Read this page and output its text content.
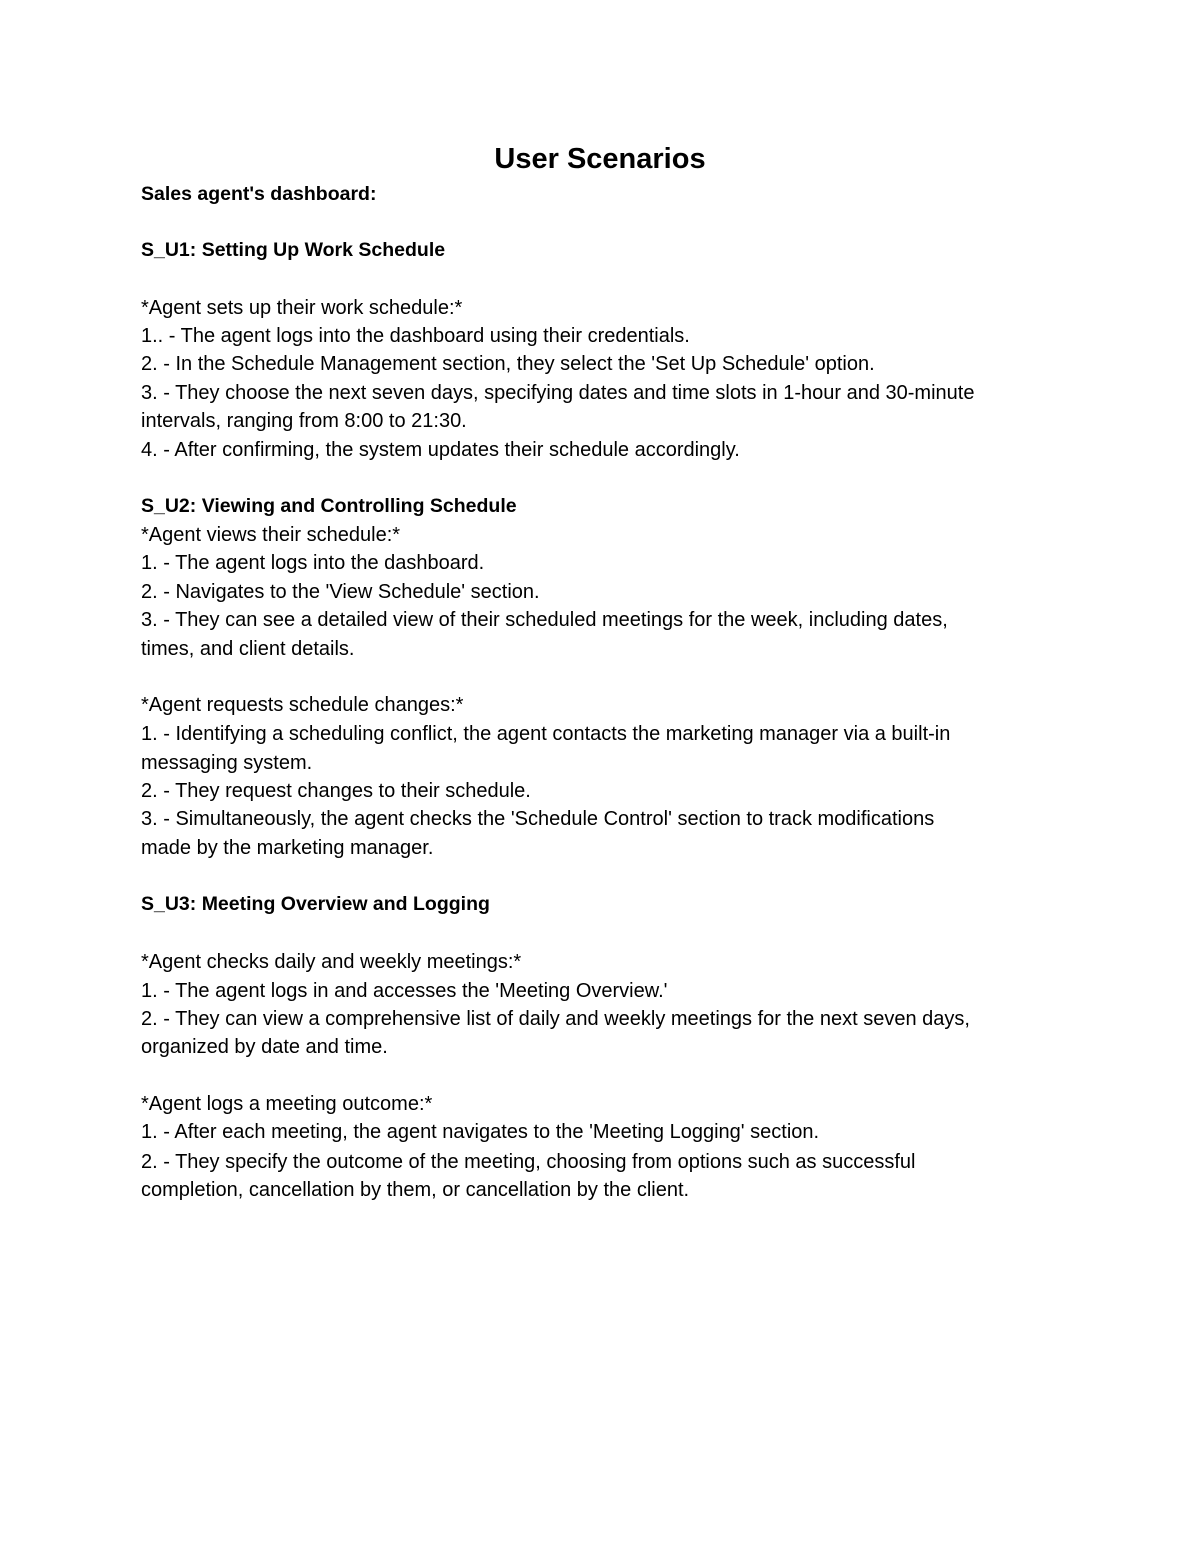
User Scenarios
Sales agent's dashboard:
S_U1: Setting Up Work Schedule
*Agent sets up their work schedule:*
1.. - The agent logs into the dashboard using their credentials.
2. - In the Schedule Management section, they select the 'Set Up Schedule' option.
3. - They choose the next seven days, specifying dates and time slots in 1-hour and 30-minute
intervals, ranging from 8:00 to 21:30.
4. - After confirming, the system updates their schedule accordingly.
S_U2: Viewing and Controlling Schedule
*Agent views their schedule:*
1. - The agent logs into the dashboard.
2. - Navigates to the 'View Schedule' section.
3. - They can see a detailed view of their scheduled meetings for the week, including dates,
times, and client details.
*Agent requests schedule changes:*
1. - Identifying a scheduling conflict, the agent contacts the marketing manager via a built-in
messaging system.
2. - They request changes to their schedule.
3. - Simultaneously, the agent checks the 'Schedule Control' section to track modifications
made by the marketing manager.
S_U3: Meeting Overview and Logging
*Agent checks daily and weekly meetings:*
1. - The agent logs in and accesses the 'Meeting Overview.'
2. - They can view a comprehensive list of daily and weekly meetings for the next seven days,
organized by date and time.
*Agent logs a meeting outcome:*
1. - After each meeting, the agent navigates to the 'Meeting Logging' section.
2. - They specify the outcome of the meeting, choosing from options such as successful
completion, cancellation by them, or cancellation by the client.
